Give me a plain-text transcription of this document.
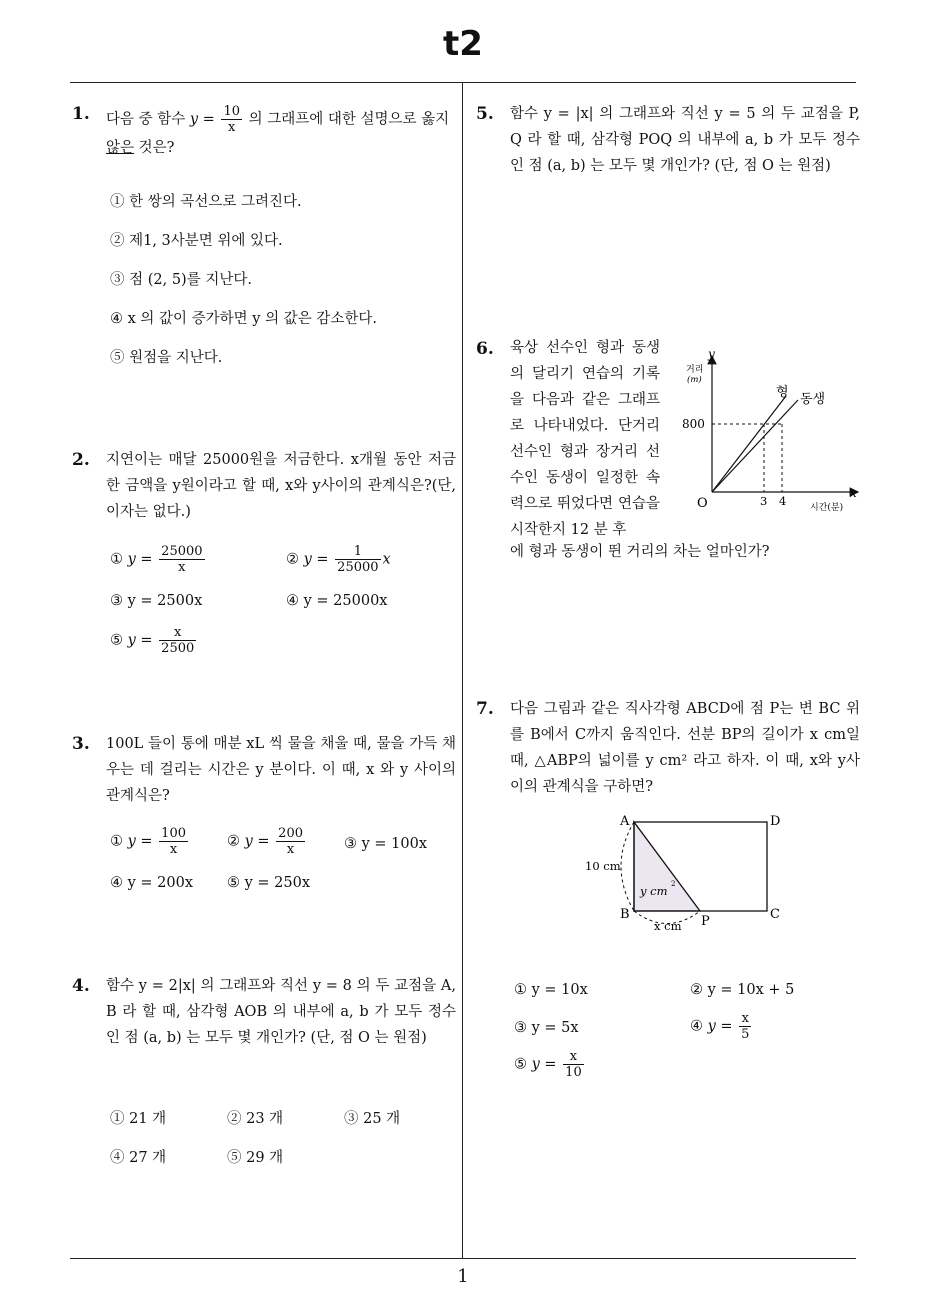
t2
1
1. 다음 중 함수 $y = \frac{10}{x}$ 의 그래프에 대한 설명으로 옳지
않은 것은?
① 한 쌍의 곡선으로 그려진다.
② 제1, 3사분면 위에 있다.
③ 점 (2, 5)를 지난다.
④ x 의 값이 증가하면 y 의 값은 감소한다.
⑤ 원점을 지난다.
2. 지연이는 매달 25000원을 저금한다. x개월 동안 저금한 금액을 y원이라고 할 때, x와 y사이의 관계식은?(단, 이자는 없다.)
① $y = \frac{25000}{x}$	② $y = \frac{1}{25000}$ x
③ y = 2500x	④ y = 25000x
⑤ $y = \frac{x}{2500}$
3. 100L 들이 통에 매분 xL 씩 물을 채울 때, 물을 가득 채우는 데 걸리는 시간은 y 분이다. 이 때, x 와 y 사이의 관계식은?
① $y = \frac{100}{x}$	② $y = \frac{200}{x}$	③ y = 100x
④ y = 200x ⑤ y = 250x
4. 함수 y = 2|x| 의 그래프와 직선 y = 8 의 두 교점을 A, B 라 할 때, 삼각형 AOB 의 내부에 a, b 가 모두 정수인 점 (a, b) 는 모두 몇 개인가? (단, 점 O 는 원점)
① 21 개	② 23 개	③ 25 개
④ 27 개	⑤ 29 개
5. 함수 y = |x| 의 그래프와 직선 y = 5 의 두 교점을 P, Q 라 할 때, 삼각형 POQ 의 내부에 a, b 가 모두 정수인 점 (a, b) 는 모두 몇 개인가? (단, 점 O 는 원점)
6. 육상 선수인 형과 동생의 달리기 연습의 기록을 다음과 같은 그래프로 나타내었다. 단거리 선수인 형과 장거리 선수인 동생이 일정한 속력으로 뛰었다면 연습을 시작한지 12 분 후
에 형과 동생이 뛴 거리의 차는 얼마인가?
y
x
거리
(m)
시간(분)
O
800
3 4
형 동생
7. 다음 그림과 같은 직사각형 ABCD에 점 P는 변 BC 위를 B에서 C까지 움직인다. 선분 BP의 길이가 x cm일 때, △ABP의 넓이를 y cm² 라고 하자. 이 때, x와 y사이의 관계식을 구하면?
A
B	C
D
P
10 cm
y cm 2
x cm
① y = 10x	② y = 10x + 5
③ y = 5x	④ $y = \frac{x}{5}$
⑤ $y = \frac{x}{10}$
